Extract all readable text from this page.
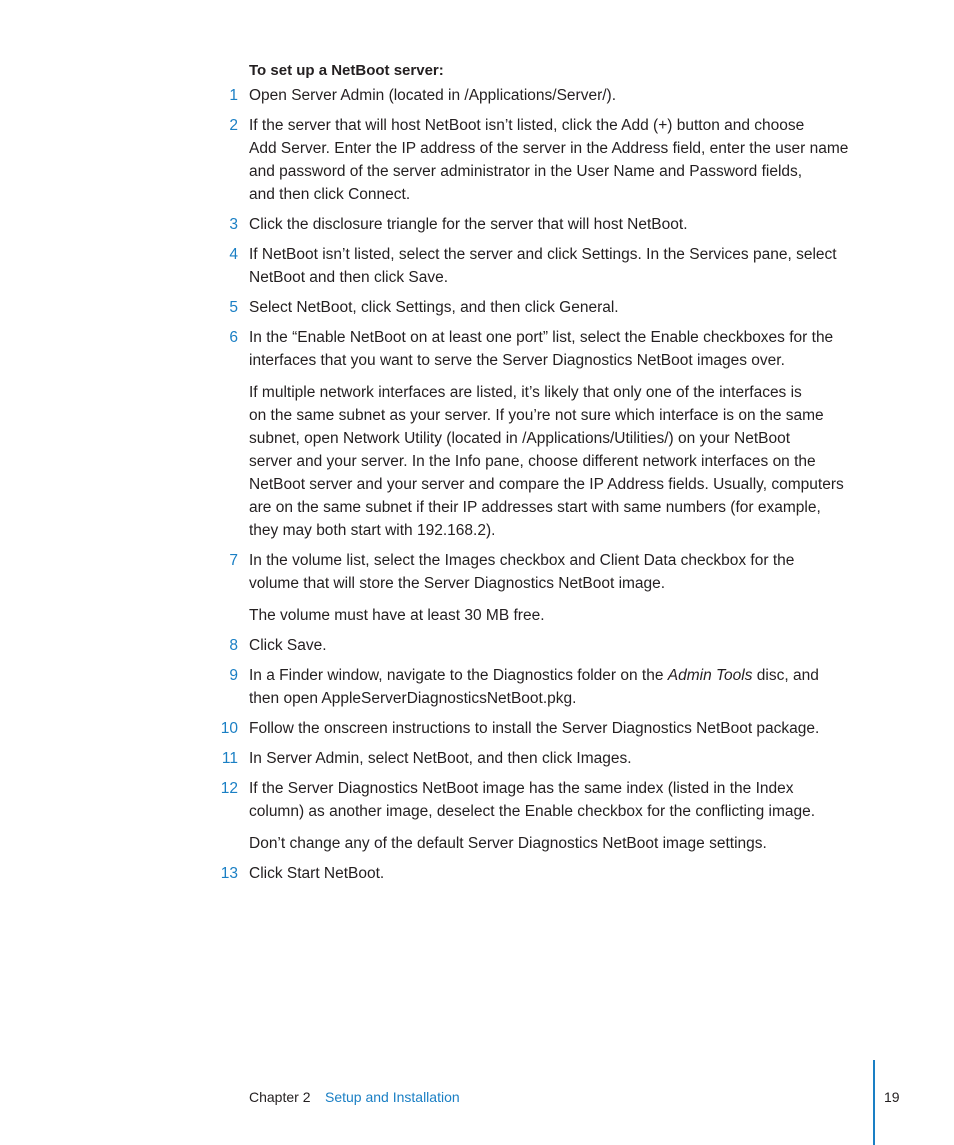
To set up a NetBoot server:
1 Open Server Admin (located in /Applications/Server/).
2 If the server that will host NetBoot isn’t listed, click the Add (+) button and choose
Add Server. Enter the IP address of the server in the Address field, enter the user name
and password of the server administrator in the User Name and Password fields,
and then click Connect.
3 Click the disclosure triangle for the server that will host NetBoot.
4 If NetBoot isn’t listed, select the server and click Settings. In the Services pane, select
NetBoot and then click Save.
5 Select NetBoot, click Settings, and then click General.
6 In the “Enable NetBoot on at least one port” list, select the Enable checkboxes for the
interfaces that you want to serve the Server Diagnostics NetBoot images over.
If multiple network interfaces are listed, it’s likely that only one of the interfaces is
on the same subnet as your server. If you’re not sure which interface is on the same
subnet, open Network Utility (located in /Applications/Utilities/) on your NetBoot
server and your server. In the Info pane, choose different network interfaces on the
NetBoot server and your server and compare the IP Address fields. Usually, computers
are on the same subnet if their IP addresses start with same numbers (for example,
they may both start with 192.168.2).
7 In the volume list, select the Images checkbox and Client Data checkbox for the
volume that will store the Server Diagnostics NetBoot image.
The volume must have at least 30 MB free.
8 Click Save.
9 In a Finder window, navigate to the Diagnostics folder on the Admin Tools disc, and
then open AppleServerDiagnosticsNetBoot.pkg.
10 Follow the onscreen instructions to install the Server Diagnostics NetBoot package.
11 In Server Admin, select NetBoot, and then click Images.
12 If the Server Diagnostics NetBoot image has the same index (listed in the Index
column) as another image, deselect the Enable checkbox for the conflicting image.
Don’t change any of the default Server Diagnostics NetBoot image settings.
13 Click Start NetBoot.
Chapter 2 Setup and Installation	19
